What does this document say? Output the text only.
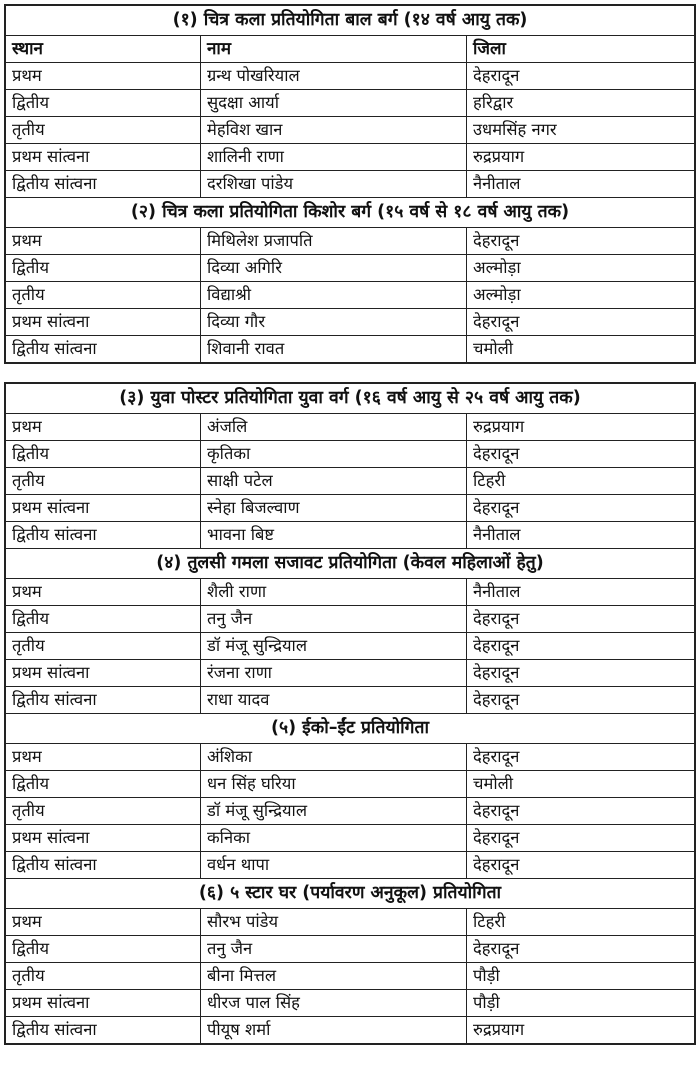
(१) चित्र कला प्रतियोगिता बाल बर्ग (१४ वर्ष आयु तक)		
स्थान	नाम	जिला
प्रथम	ग्रन्थ पोखरियाल	देहरादून
द्वितीय	सुदक्षा आर्या	हरिद्वार
तृतीय	मेहविश खान	उधमसिंह नगर
प्रथम सांत्वना	शालिनी राणा	रुद्रप्रयाग
द्वितीय सांत्वना	दरशिखा पांडेय	नैनीताल
(२) चित्र कला प्रतियोगिता किशोर बर्ग (१५ वर्ष से १८ वर्ष आयु तक)		
प्रथम	मिथिलेश प्रजापति	देहरादून
द्वितीय	दिव्या अगिरि	अल्मोड़ा
तृतीय	विद्याश्री	अल्मोड़ा
प्रथम सांत्वना	दिव्या गौर	देहरादून
द्वितीय सांत्वना	शिवानी रावत	चमोली
(३) युवा पोस्टर प्रतियोगिता युवा वर्ग (१६ वर्ष आयु से २५ वर्ष आयु तक)		
प्रथम	अंजलि	रुद्रप्रयाग
द्वितीय	कृतिका	देहरादून
तृतीय	साक्षी पटेल	टिहरी
प्रथम सांत्वना	स्नेहा बिजल्वाण	देहरादून
द्वितीय सांत्वना	भावना बिष्ट	नैनीताल
(४) तुलसी गमला सजावट प्रतियोगिता (केवल महिलाओं हेतु)		
प्रथम	शैली राणा	नैनीताल
द्वितीय	तनु जैन	देहरादून
तृतीय	डॉ मंजू सुन्द्रियाल	देहरादून
प्रथम सांत्वना	रंजना राणा	देहरादून
द्वितीय सांत्वना	राधा यादव	देहरादून
(५) ईको–ईंट प्रतियोगिता		
प्रथम	अंशिका	देहरादून
द्वितीय	धन सिंह घरिया	चमोली
तृतीय	डॉ मंजू सुन्द्रियाल	देहरादून
प्रथम सांत्वना	कनिका	देहरादून
द्वितीय सांत्वना	वर्धन थापा	देहरादून
(६) ५ स्टार घर (पर्यावरण अनुकूल) प्रतियोगिता		
प्रथम	सौरभ पांडेय	टिहरी
द्वितीय	तनु जैन	देहरादून
तृतीय	बीना मित्तल	पौड़ी
प्रथम सांत्वना	धीरज पाल सिंह	पौड़ी
द्वितीय सांत्वना	पीयूष शर्मा	रुद्रप्रयाग
